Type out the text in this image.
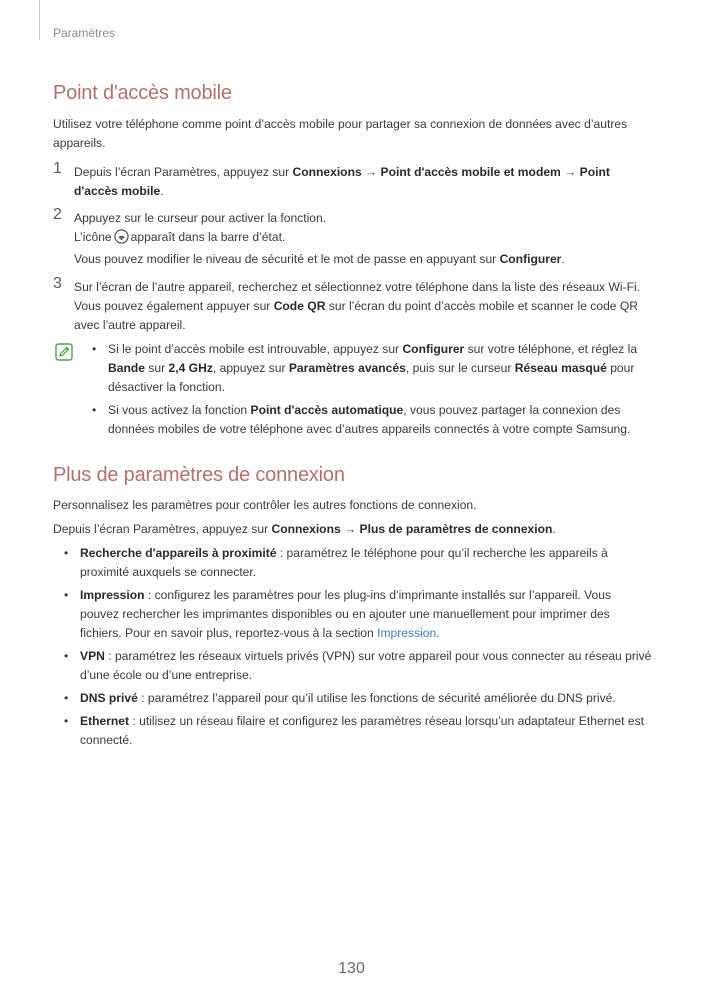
Paramètres
Point d'accès mobile
Utilisez votre téléphone comme point d’accès mobile pour partager sa connexion de données avec d’autres appareils.
1 Depuis l’écran Paramètres, appuyez sur Connexions → Point d'accès mobile et modem → Point d'accès mobile.
2 Appuyez sur le curseur pour activer la fonction.
L’icône apparaît dans la barre d’état.
Vous pouvez modifier le niveau de sécurité et le mot de passe en appuyant sur Configurer.
3 Sur l’écran de l’autre appareil, recherchez et sélectionnez votre téléphone dans la liste des réseaux Wi-Fi. Vous pouvez également appuyer sur Code QR sur l’écran du point d’accès mobile et scanner le code QR avec l’autre appareil.
• Si le point d’accès mobile est introuvable, appuyez sur Configurer sur votre téléphone, et réglez la Bande sur 2,4 GHz, appuyez sur Paramètres avancés, puis sur le curseur Réseau masqué pour désactiver la fonction.
• Si vous activez la fonction Point d'accès automatique, vous pouvez partager la connexion des données mobiles de votre téléphone avec d’autres appareils connectés à votre compte Samsung.
Plus de paramètres de connexion
Personnalisez les paramètres pour contrôler les autres fonctions de connexion.
Depuis l’écran Paramètres, appuyez sur Connexions → Plus de paramètres de connexion.
• Recherche d'appareils à proximité : paramétrez le téléphone pour qu’il recherche les appareils à proximité auxquels se connecter.
• Impression : configurez les paramètres pour les plug-ins d’imprimante installés sur l’appareil. Vous pouvez rechercher les imprimantes disponibles ou en ajouter une manuellement pour imprimer des fichiers. Pour en savoir plus, reportez-vous à la section Impression.
• VPN : paramétrez les réseaux virtuels privés (VPN) sur votre appareil pour vous connecter au réseau privé d’une école ou d’une entreprise.
• DNS privé : paramétrez l’appareil pour qu’il utilise les fonctions de sécurité améliorée du DNS privé.
• Ethernet : utilisez un réseau filaire et configurez les paramètres réseau lorsqu’un adaptateur Ethernet est connecté.
130
